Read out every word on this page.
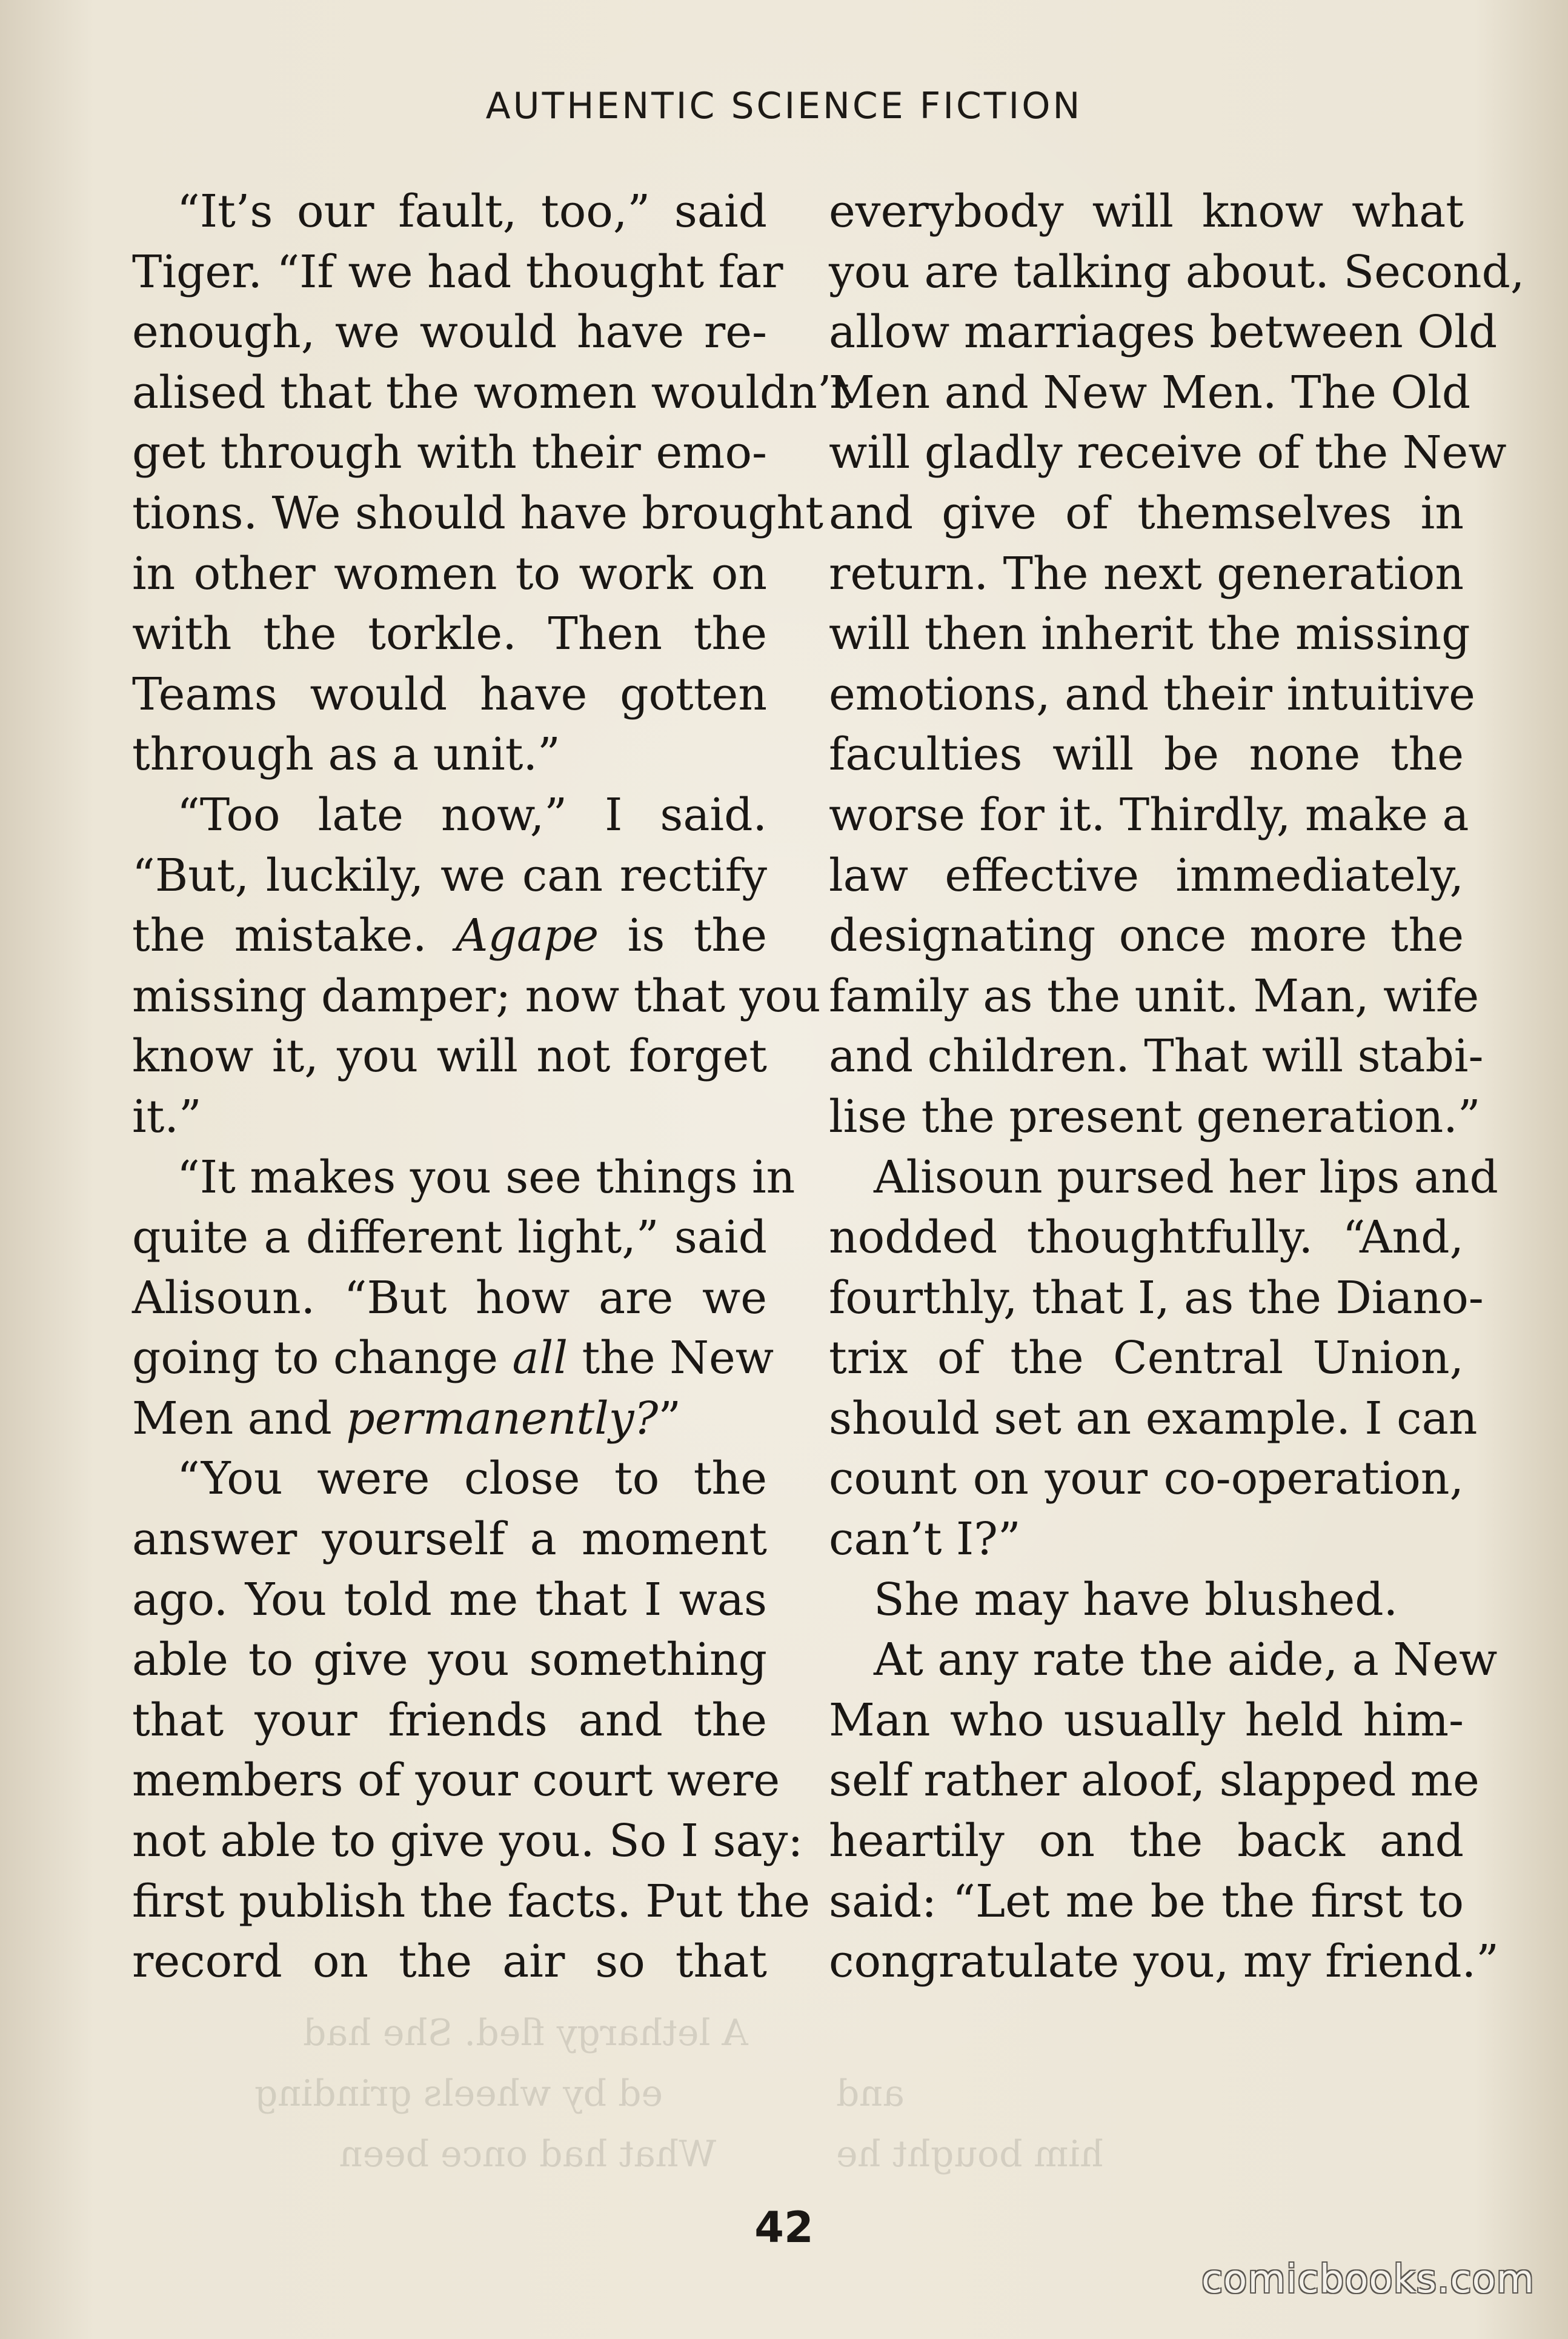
AUTHENTIC SCIENCE FICTION
“It’s our fault, too,” said
Tiger. “If we had thought far
enough, we would have re-
alised that the women wouldn’t
get through with their emo-
tions. We should have brought
in other women to work on
with the torkle. Then the
Teams would have gotten
through as a unit.”
“Too late now,” I said.
“But, luckily, we can rectify
the mistake. Agape is the
missing damper; now that you
know it, you will not forget
it.”
“It makes you see things in
quite a different light,” said
Alisoun. “But how are we
going to change all the New
Men and permanently?”
“You were close to the
answer yourself a moment
ago. You told me that I was
able to give you something
that your friends and the
members of your court were
not able to give you. So I say:
first publish the facts. Put the
record on the air so that
everybody will know what
you are talking about. Second,
allow marriages between Old
Men and New Men. The Old
will gladly receive of the New
and give of themselves in
return. The next generation
will then inherit the missing
emotions, and their intuitive
faculties will be none the
worse for it. Thirdly, make a
law effective immediately,
designating once more the
family as the unit. Man, wife
and children. That will stabi-
lise the present generation.”
Alisoun pursed her lips and
nodded thoughtfully. “And,
fourthly, that I, as the Diano-
trix of the Central Union,
should set an example. I can
count on your co-operation,
can’t I?”
She may have blushed.
At any rate the aide, a New
Man who usually held him-
self rather aloof, slapped me
heartily on the back and
said: “Let me be the first to
congratulate you, my friend.”
A lethargy fled. She had
ed by wheels grinding
What had once been
and
him bought he
42
comicbooks.com
